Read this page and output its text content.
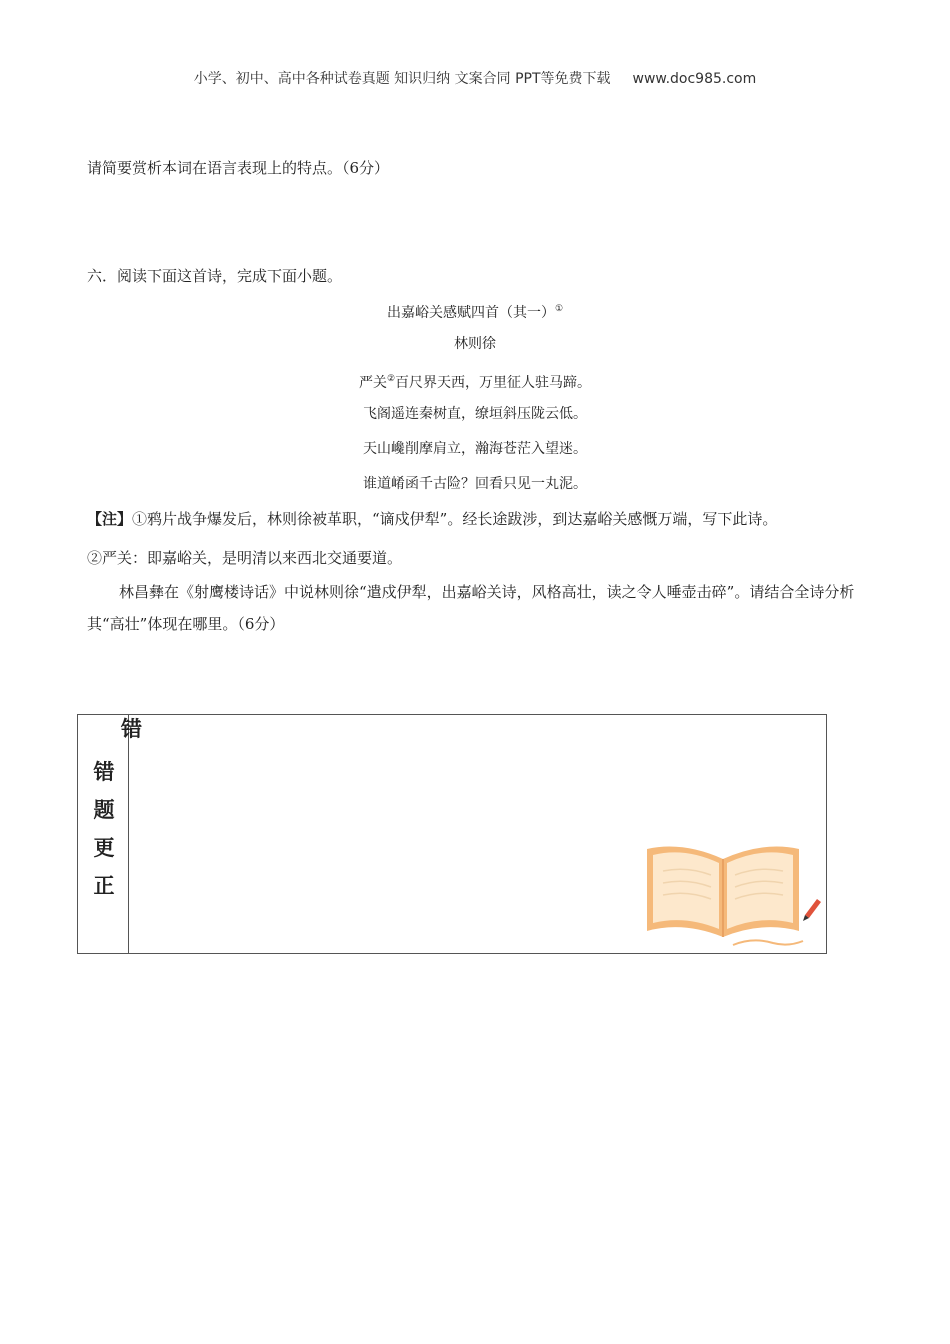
小学、初中、高中各种试卷真题 知识归纳 文案合同 PPT等免费下载 www.doc985.com
请简要赏析本词在语言表现上的特点。（6分）
六．阅读下面这首诗，完成下面小题。
出嘉峪关感赋四首（其一）①
林则徐
严关②百尺界天西，万里征人驻马蹄。
飞阁遥连秦树直，缭垣斜压陇云低。
天山巉削摩肩立，瀚海苍茫入望迷。
谁道崤函千古险？回看只见一丸泥。
【注】①鸦片战争爆发后，林则徐被革职，“谪戍伊犁”。经长途跋涉，到达嘉峪关感慨万端，写下此诗。
②严关：即嘉峪关，是明清以来西北交通要道。
林昌彝在《射鹰楼诗话》中说林则徐“遣戍伊犁，出嘉峪关诗，风格高壮，读之令人唾壶击碎”。请结合全诗分析其“高壮”体现在哪里。（6分）
错
错
题
更
正
